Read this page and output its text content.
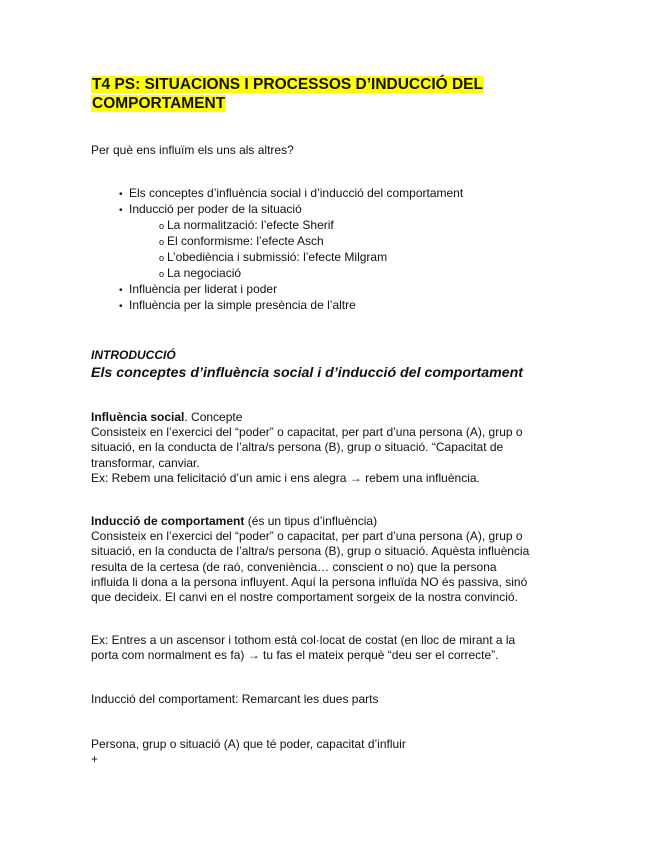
T4 PS: SITUACIONS I PROCESSOS D’INDUCCIÓ DEL
COMPORTAMENT
Per què ens influïm els uns als altres?
• Els conceptes d’influència social i d’inducció del comportament
• Inducció per poder de la situació
o La normalització: l’efecte Sherif
o El conformisme: l’efecte Asch
o L’obediència i submissió: l’efecte Milgram
o La negociació
• Influència per liderat i poder
• Influència per la simple presència de l’altre
INTRODUCCIÓ
Els conceptes d’influència social i d’inducció del comportament

Influència social. Concepte

Consisteix en l’exercici del “poder” o capacitat, per part d’una persona (A), grup o

situació, en la conducta de l’altra/s persona (B), grup o situació. “Capacitat de

transformar, canviar.

Ex: Rebem una felicitació d’un amic i ens alegra → rebem una influència.

Inducció de comportament (és un tipus d’influència)

Consisteix en l’exercici del “poder” o capacitat, per part d’una persona (A), grup o

situació, en la conducta de l’altra/s persona (B), grup o situació. Aquèsta influència

resulta de la certesa (de raó, conveniència… conscient o no) que la persona

influida li dona a la persona influyent. Aquí la persona influïda NO és passiva, sinó

que decideix. El canvi en el nostre comportament sorgeix de la nostra convinció.

Ex: Entres a un ascensor i tothom està col·locat de costat (en lloc de mirant a la

porta com normalment es fa) → tu fas el mateix perquè “deu ser el correcte”.

Inducció del comportament: Remarcant les dues parts
Persona, grup o situació (A) que té poder, capacitat d’influir
+
